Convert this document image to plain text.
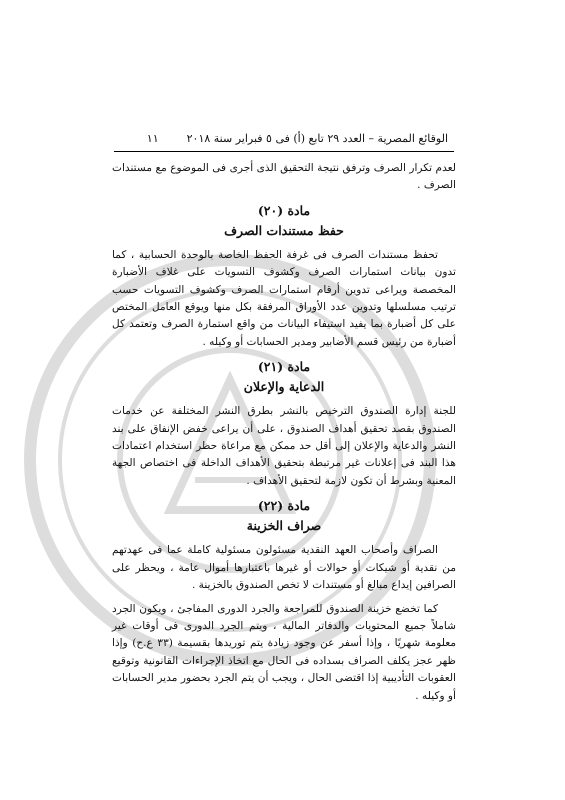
الوقائع المصرية – العدد ٢٩ تابع (أ) فى ٥ فبراير سنة ٢٠١٨
١١

لعدم تكرار الصرف وترفق نتيجة التحقيق الذى أجرى فى الموضوع مع مستندات الصرف .

مادة (٢٠)
حفظ مستندات الصرف

تحفظ مستندات الصرف فى غرفة الحفظ الخاصة بالوحدة الحسابية ، كما تدون بيانات استمارات الصرف وكشوف التسويات على غلاف الأضبارة المخصصة ويراعى تدوين أرقام استمارات الصرف وكشوف التسويات حسب ترتيب مسلسلها وتدوين عدد الأوراق المرفقة بكل منها ويوقع العامل المختص على كل أضبارة بما يفيد استيفاء البيانات من واقع استمارة الصرف وتعتمد كل أضبارة من رئيس قسم الأضابير ومدير الحسابات أو وكيله .

مادة (٢١)
الدعاية والإعلان

للجنة إدارة الصندوق الترخيص بالنشر بطرق النشر المختلفة عن خدمات الصندوق بقصد تحقيق أهداف الصندوق ، على أن يراعى خفض الإنفاق على بند النشر والدعاية والإعلان إلى أقل حد ممكن مع مراعاة حظر استخدام اعتمادات هذا البند فى إعلانات غير مرتبطة بتحقيق الأهداف الداخلة فى اختصاص الجهة المعنية وبشرط أن تكون لازمة لتحقيق الأهداف .

مادة (٢٢)
صراف الخزينة

الصراف وأصحاب العهد النقدية مسئولون مسئولية كاملة عما فى عهدتهم من نقدية أو شيكات أو حوالات أو غيرها باعتبارها أموال عامة ، ويحظر على الصرافين إيداع مبالغ أو مستندات لا تخص الصندوق بالخزينة .

كما تخضع خزينة الصندوق للمراجعة والجرد الدورى المفاجئ ، ويكون الجرد شاملاً جميع المحتويات والدفاتر المالية ، ويتم الجرد الدورى فى أوقات غير معلومة شهريًا ، وإذا أسفر عن وجود زيادة يتم توريدها بقسيمة (٣٣ ع.ح) وإذا ظهر عجز يكلف الصراف بسداده فى الحال مع اتخاذ الإجراءات القانونية وتوقيع العقوبات التأديبية إذا اقتضى الحال ، ويجب أن يتم الجرد بحضور مدير الحسابات أو وكيله .
